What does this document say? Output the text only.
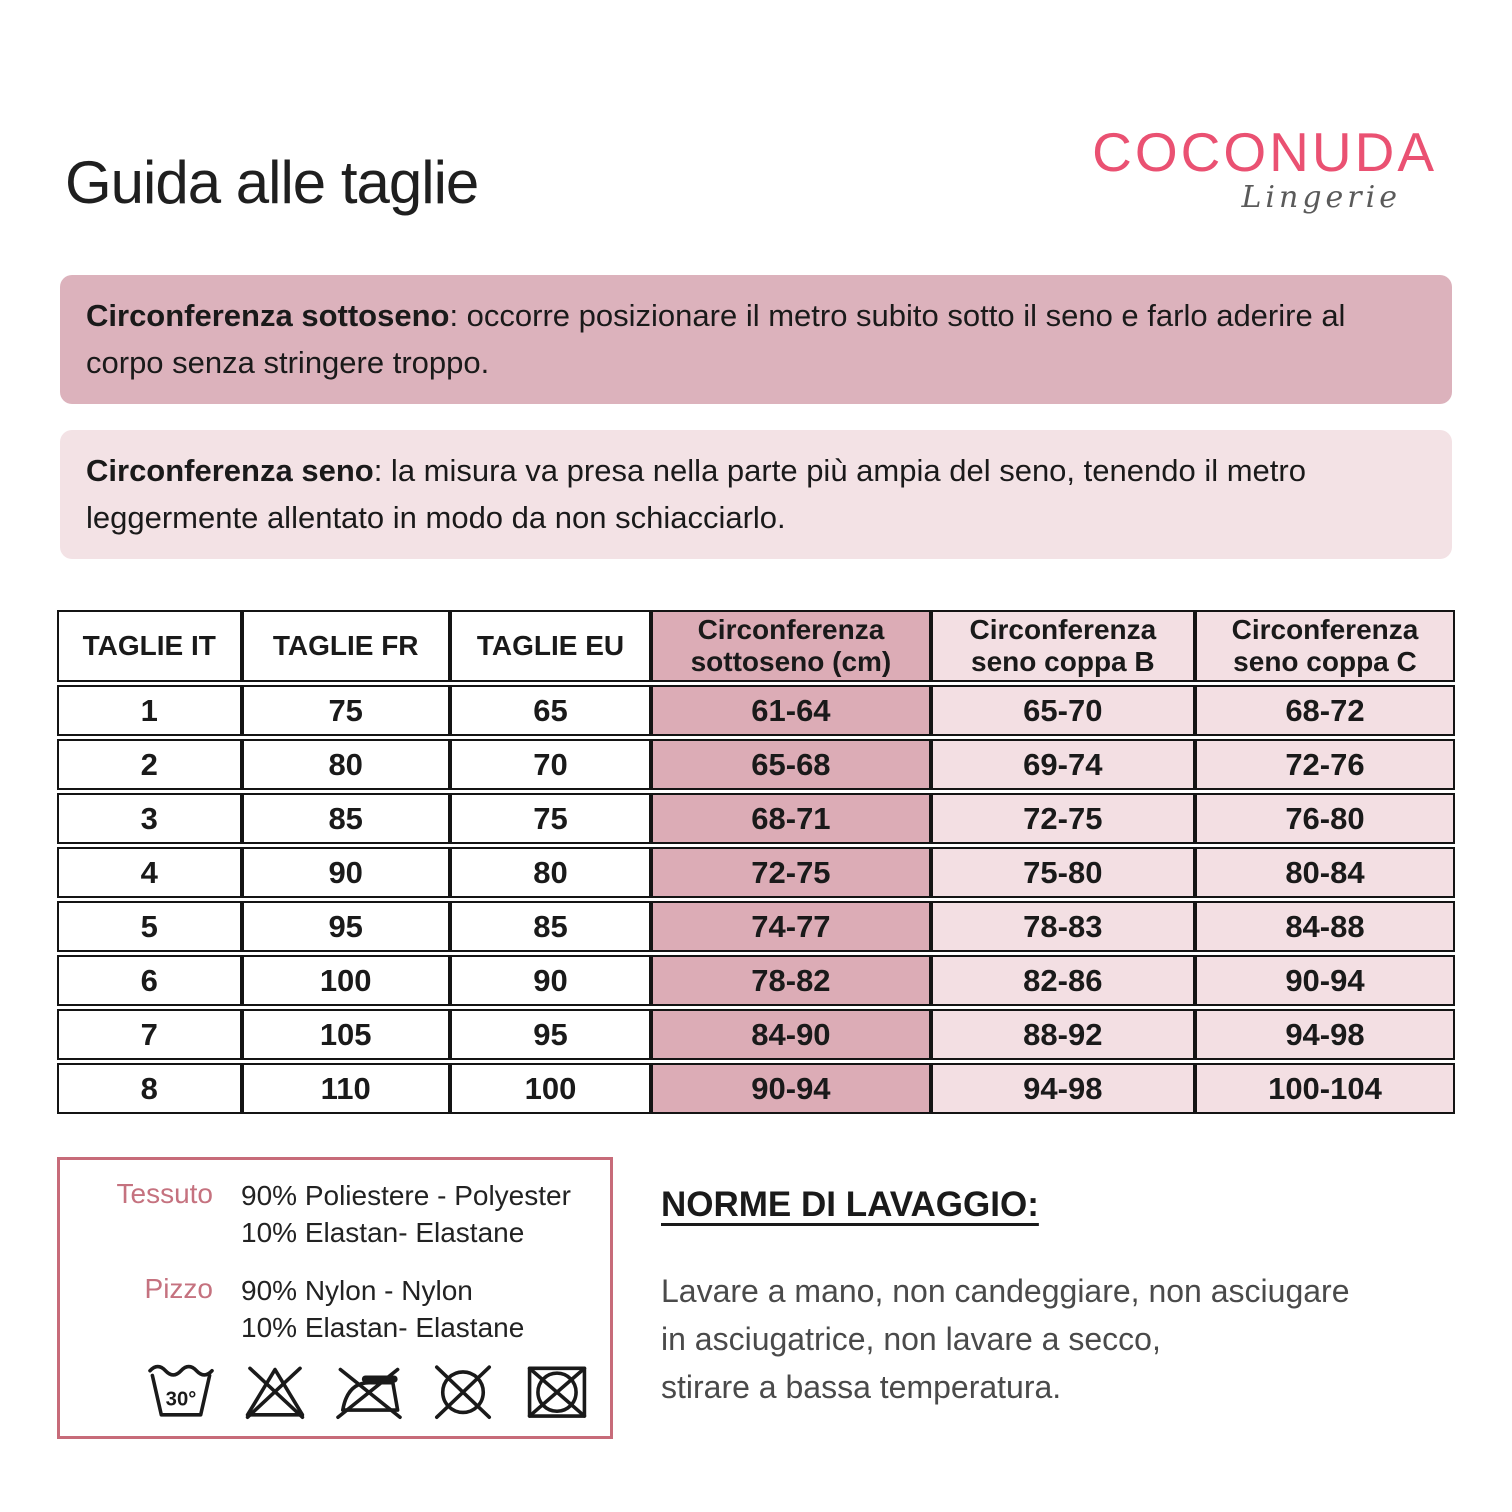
Guida alle taglie	COCONUDA
Lingerie
Circonferenza sottoseno: occorre posizionare il metro subito sotto il seno e farlo aderire al corpo senza stringere troppo.
Circonferenza seno: la misura va presa nella parte più ampia del seno, tenendo il metro leggermente allentato in modo da non schiacciarlo.
TAGLIE IT	TAGLIE FR	TAGLIE EU	Circonferenza sottoseno (cm)	Circonferenza seno coppa B	Circonferenza seno coppa C
1	75	65	61-64	65-70	68-72
2	80	70	65-68	69-74	72-76
3	85	75	68-71	72-75	76-80
4	90	80	72-75	75-80	80-84
5	95	85	74-77	78-83	84-88
6	100	90	78-82	82-86	90-94
7	105	95	84-90	88-92	94-98
8	110	100	90-94	94-98	100-104
Tessuto	90% Poliestere - Polyester
10% Elastan- Elastane
Pizzo	90% Nylon - Nylon
10% Elastan- Elastane
30°
NORME DI LAVAGGIO:
Lavare a mano, non candeggiare, non asciugare
in asciugatrice, non lavare a secco,
stirare a bassa temperatura.
